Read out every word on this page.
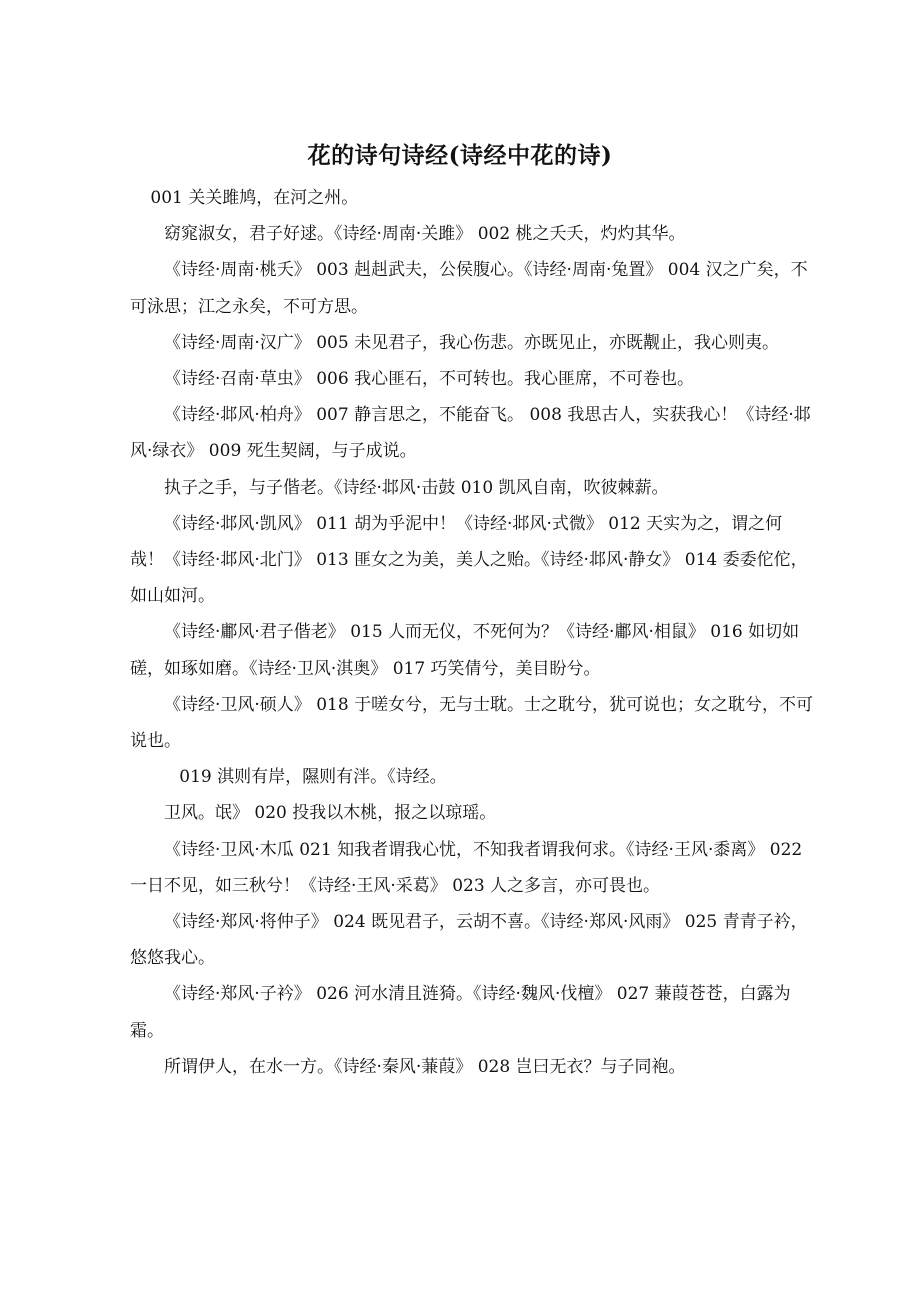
花的诗句诗经(诗经中花的诗)

001 关关雎鸠，在河之州。

窈窕淑女，君子好逑。《诗经·周南·关雎》 002 桃之夭夭，灼灼其华。

《诗经·周南·桃夭》 003 赳赳武夫，公侯腹心。《诗经·周南·兔置》 004 汉之广矣，不可泳思；江之永矣，不可方思。

《诗经·周南·汉广》 005 未见君子，我心伤悲。亦既见止，亦既觏止，我心则夷。

《诗经·召南·草虫》 006 我心匪石，不可转也。我心匪席，不可卷也。

《诗经·邶风·柏舟》 007 静言思之，不能奋飞。 008 我思古人，实获我心！《诗经·邶风·绿衣》 009 死生契阔，与子成说。

执子之手，与子偕老。《诗经·邶风·击鼓 010 凯风自南，吹彼棘薪。

《诗经·邶风·凯风》 011 胡为乎泥中！《诗经·邶风·式微》 012 天实为之，谓之何哉！《诗经·邶风·北门》 013 匪女之为美，美人之贻。《诗经·邶风·静女》 014 委委佗佗，如山如河。

《诗经·鄘风·君子偕老》 015 人而无仪，不死何为？《诗经·鄘风·相鼠》 016 如切如磋，如琢如磨。《诗经·卫风·淇奥》 017 巧笑倩兮，美目盼兮。

《诗经·卫风·硕人》 018 于嗟女兮，无与士耽。士之耽兮，犹可说也；女之耽兮，不可说也。

019 淇则有岸，隰则有泮。《诗经。

卫风。氓》 020 投我以木桃，报之以琼瑶。

《诗经·卫风·木瓜 021 知我者谓我心忧，不知我者谓我何求。《诗经·王风·黍离》 022 一日不见，如三秋兮！《诗经·王风·采葛》 023 人之多言，亦可畏也。

《诗经·郑风·将仲子》 024 既见君子，云胡不喜。《诗经·郑风·风雨》 025 青青子衿，悠悠我心。

《诗经·郑风·子衿》 026 河水清且涟猗。《诗经·魏风·伐檀》 027 蒹葭苍苍，白露为霜。

所谓伊人，在水一方。《诗经·秦风·蒹葭》 028 岂曰无衣？与子同袍。
